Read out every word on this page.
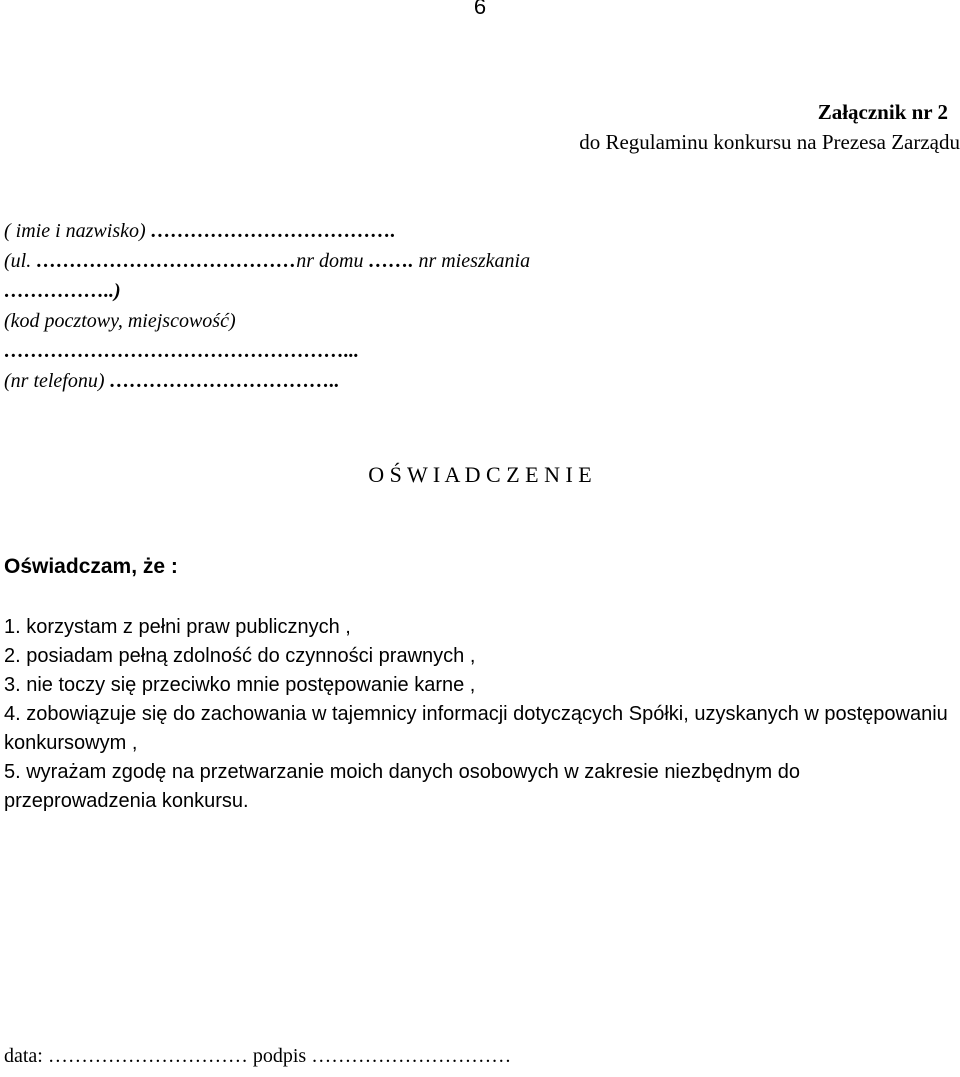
6
Załącznik nr 2
do Regulaminu konkursu na Prezesa Zarządu
( imie i nazwisko) ……………………………….
(ul. …………………………………nr domu ……. nr mieszkania
……………..)
(kod pocztowy, miejscowość)
……………………………………………...
(nr telefonu) ……………………………..
O Ś W I A D C Z E N I E
Oświadczam, że :
1. korzystam z pełni praw publicznych ,
2. posiadam pełną zdolność do czynności prawnych ,
3. nie toczy się przeciwko mnie postępowanie karne ,
4. zobowiązuje się do zachowania w tajemnicy informacji dotyczących Spółki, uzyskanych w postępowaniu konkursowym ,
5. wyrażam zgodę na przetwarzanie moich danych osobowych w zakresie niezbędnym do przeprowadzenia konkursu.
data: ………………………… podpis …………………………
